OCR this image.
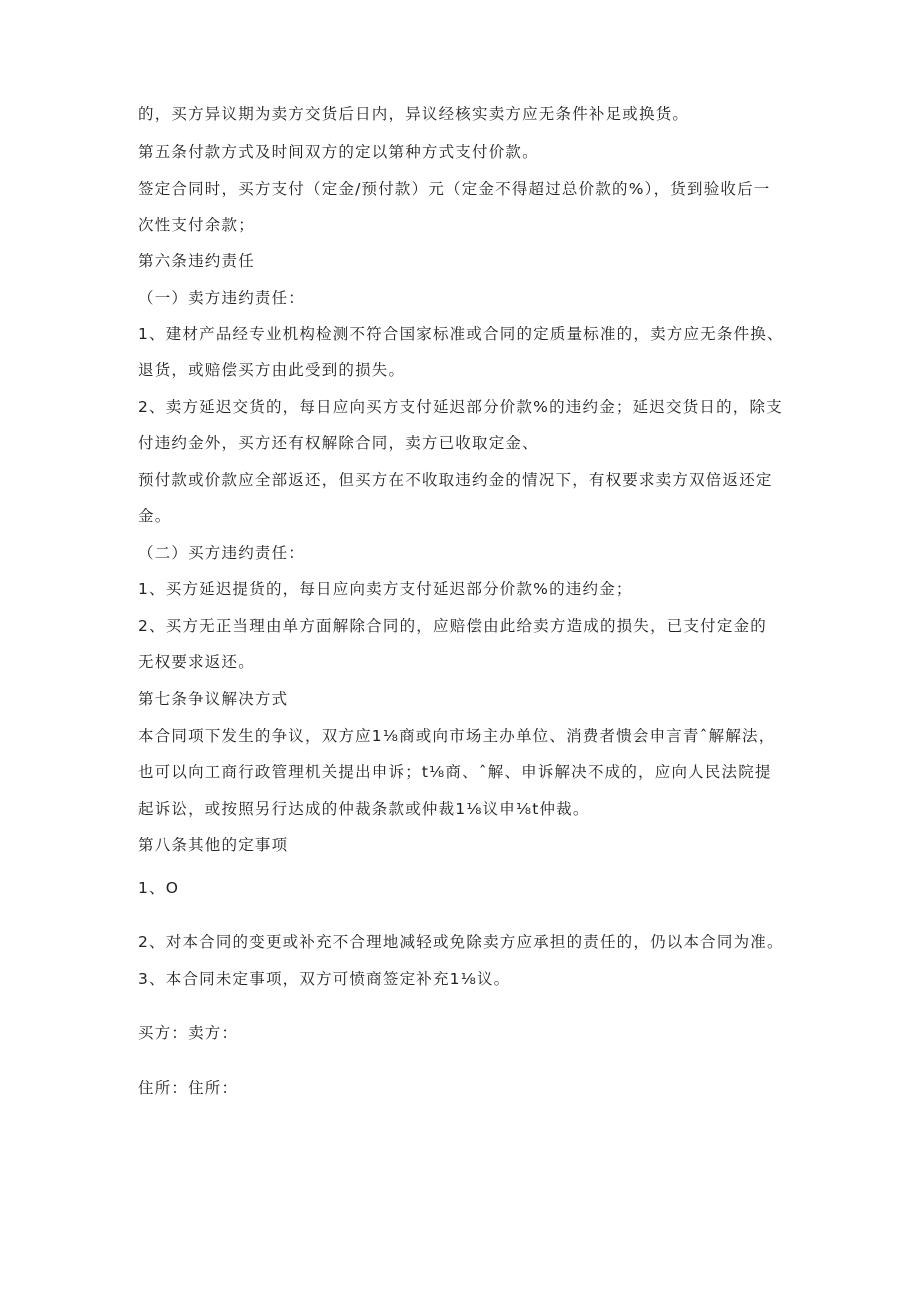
的，买方异议期为卖方交货后日内，异议经核实卖方应无条件补足或换货。
第五条付款方式及时间双方的定以第种方式支付价款。
签定合同时，买方支付（定金/预付款）元（定金不得超过总价款的%），货到验收后一
次性支付余款；
第六条违约责任
（一）卖方违约责任：
1、建材产品经专业机构检测不符合国家标准或合同的定质量标准的，卖方应无条件换、
退货，或赔偿买方由此受到的损失。
2、卖方延迟交货的，每日应向买方支付延迟部分价款%的违约金；延迟交货日的，除支
付违约金外，买方还有权解除合同，卖方已收取定金、
预付款或价款应全部返还，但买方在不收取违约金的情况下，有权要求卖方双倍返还定
金。
（二）买方违约责任：
1、买方延迟提货的，每日应向卖方支付延迟部分价款%的违约金；
2、买方无正当理由单方面解除合同的，应赔偿由此给卖方造成的损失，已支付定金的
无权要求返还。
第七条争议解决方式
本合同项下发生的争议，双方应1⅛商或向市场主办单位、消费者愦会申言青ˆ解解法，
也可以向工商行政管理机关提出申诉；t⅛商、ˆ解、申诉解决不成的，应向人民法院提
起诉讼，或按照另行达成的仲裁条款或仲裁1⅛议申⅛t仲裁。
第八条其他的定事项
1、O
2、对本合同的变更或补充不合理地减轻或免除卖方应承担的责任的，仍以本合同为准。
3、本合同未定事项，双方可愤商签定补充1⅛议。
买方：卖方：
住所：住所：
